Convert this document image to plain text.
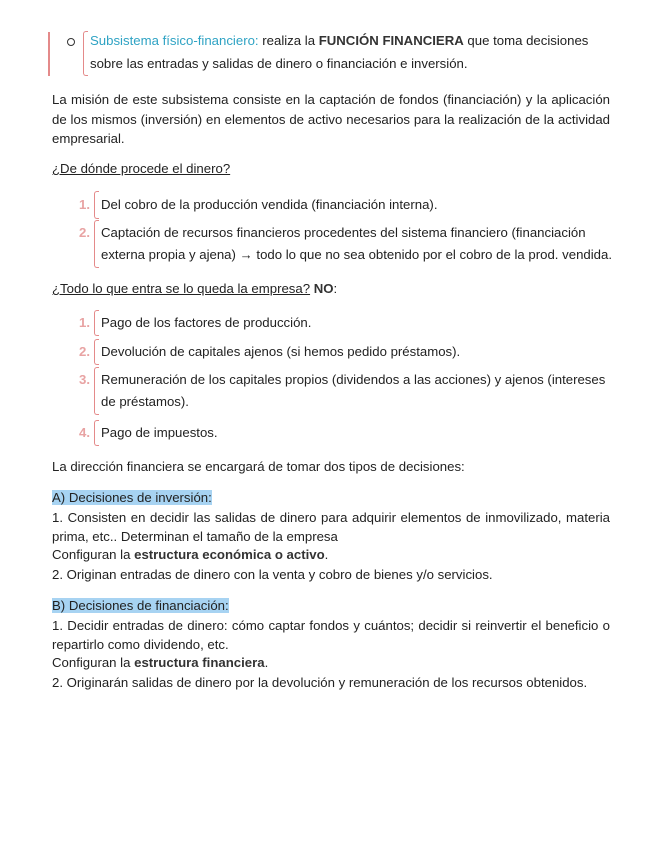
Subsistema físico-financiero: realiza la FUNCIÓN FINANCIERA que toma decisiones
sobre las entradas y salidas de dinero o financiación e inversión.
La misión de este subsistema consiste en la captación de fondos (financiación) y la aplicación de los mismos (inversión) en elementos de activo necesarios para la realización de la actividad empresarial.
¿De dónde procede el dinero?
1. Del cobro de la producción vendida (financiación interna).
2. Captación de recursos financieros procedentes del sistema financiero (financiación
externa propia y ajena) → todo lo que no sea obtenido por el cobro de la prod. vendida.
¿Todo lo que entra se lo queda la empresa? NO:
1. Pago de los factores de producción.
2. Devolución de capitales ajenos (si hemos pedido préstamos).
3. Remuneración de los capitales propios (dividendos a las acciones) y ajenos (intereses
de préstamos).
4. Pago de impuestos.
La dirección financiera se encargará de tomar dos tipos de decisiones:
A) Decisiones de inversión:
1. Consisten en decidir las salidas de dinero para adquirir elementos de inmovilizado, materia prima, etc.. Determinan el tamaño de la empresa
Configuran la estructura económica o activo.
2. Originan entradas de dinero con la venta y cobro de bienes y/o servicios.
B) Decisiones de financiación:
1. Decidir entradas de dinero: cómo captar fondos y cuántos; decidir si reinvertir el beneficio o repartirlo como dividendo, etc.
Configuran la estructura financiera.
2. Originarán salidas de dinero por la devolución y remuneración de los recursos obtenidos.
